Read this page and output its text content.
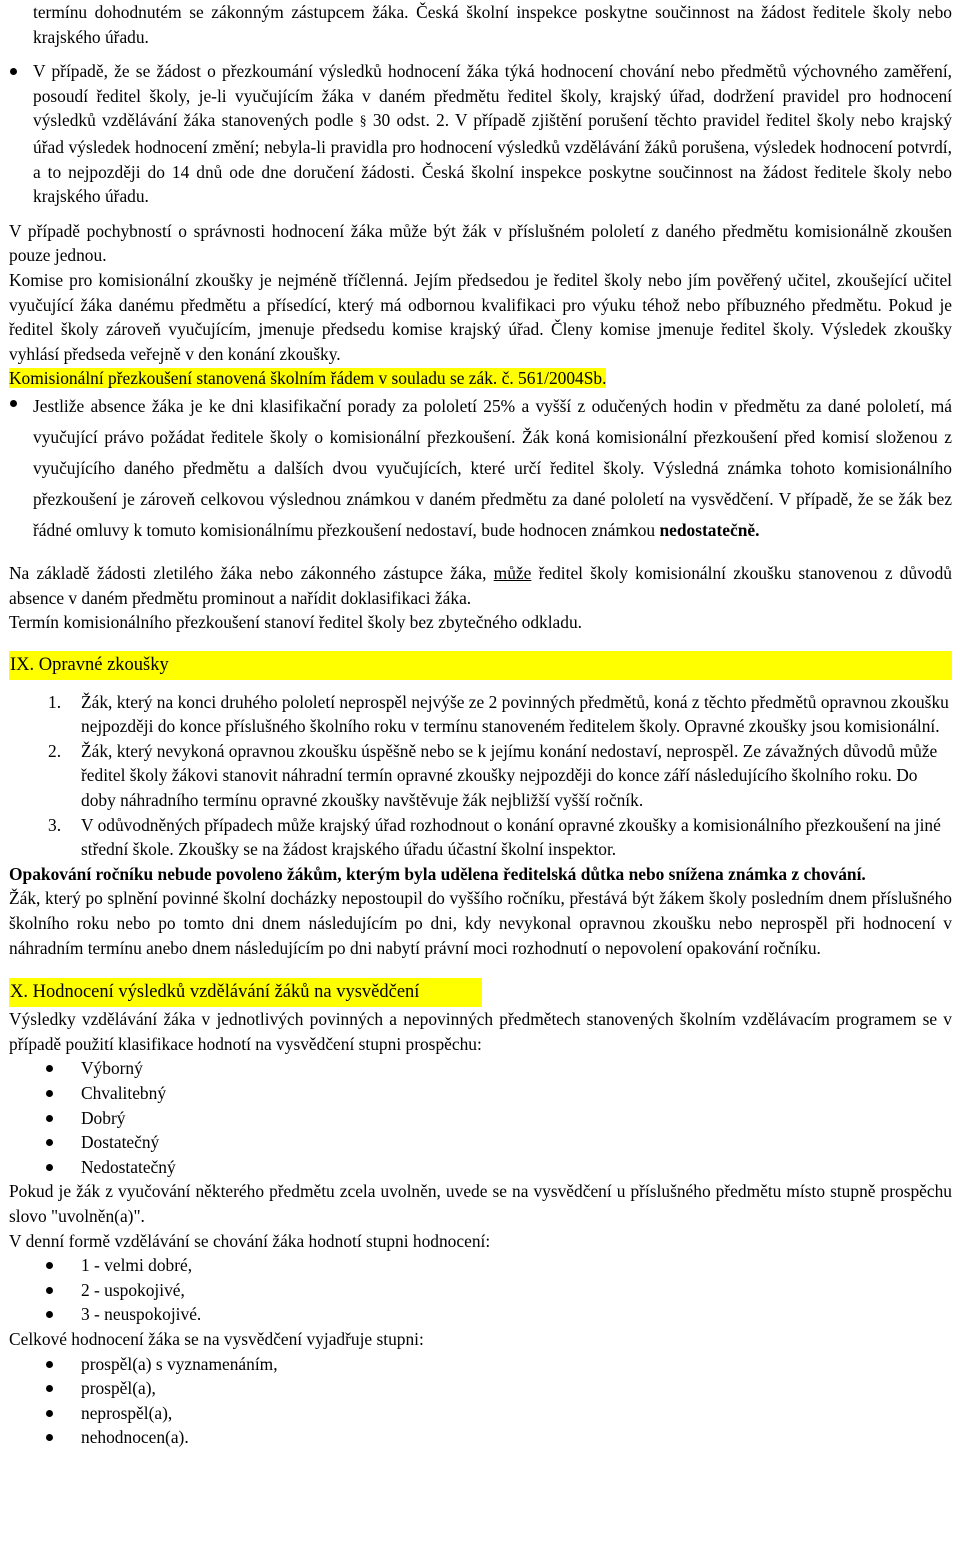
termínu dohodnutém se zákonným zástupcem žáka. Česká školní inspekce poskytne součinnost na žádost ředitele školy nebo krajského úřadu.

V případě, že se žádost o přezkoumání výsledků hodnocení žáka týká hodnocení chování nebo předmětů výchovného zaměření, posoudí ředitel školy, je-li vyučujícím žáka v daném předmětu ředitel školy, krajský úřad, dodržení pravidel pro hodnocení výsledků vzdělávání žáka stanovených podle § 30 odst. 2. V případě zjištění porušení těchto pravidel ředitel školy nebo krajský úřad výsledek hodnocení změní; nebyla-li pravidla pro hodnocení výsledků vzdělávání žáků porušena, výsledek hodnocení potvrdí, a to nejpozději do 14 dnů ode dne doručení žádosti. Česká školní inspekce poskytne součinnost na žádost ředitele školy nebo krajského úřadu.

V případě pochybností o správnosti hodnocení žáka může být žák v příslušném pololetí z daného předmětu komisionálně zkoušen pouze jednou.

Komise pro komisionální zkoušky je nejméně tříčlenná. Jejím předsedou je ředitel školy nebo jím pověřený učitel, zkoušející učitel vyučující žáka danému předmětu a přísedící, který má odbornou kvalifikaci pro výuku téhož nebo příbuzného předmětu. Pokud je ředitel školy zároveň vyučujícím, jmenuje předsedu komise krajský úřad. Členy komise jmenuje ředitel školy. Výsledek zkoušky vyhlásí předseda veřejně v den konání zkoušky.

Komisionální přezkoušení stanovená školním řádem v souladu se zák. č. 561/2004Sb.

Jestliže absence žáka je ke dni klasifikační porady za pololetí 25% a vyšší z odučených hodin v předmětu za dané pololetí, má vyučující právo požádat ředitele školy o komisionální přezkoušení. Žák koná komisionální přezkoušení před komisí složenou z vyučujícího daného předmětu a dalších dvou vyučujících, které určí ředitel školy. Výsledná známka tohoto komisionálního přezkoušení je zároveň celkovou výslednou známkou v daném předmětu za dané pololetí na vysvědčení. V případě, že se žák bez řádné omluvy k tomuto komisionálnímu přezkoušení nedostaví, bude hodnocen známkou nedostatečně.

Na základě žádosti zletilého žáka nebo zákonného zástupce žáka, může ředitel školy komisionální zkoušku stanovenou z důvodů absence v daném předmětu prominout a nařídit doklasifikaci žáka.

Termín komisionálního přezkoušení stanoví ředitel školy bez zbytečného odkladu.

IX. Opravné zkoušky
1. Žák, který na konci druhého pololetí neprospěl nejvýše ze 2 povinných předmětů, koná z těchto předmětů opravnou zkoušku nejpozději do konce příslušného školního roku v termínu stanoveném ředitelem školy. Opravné zkoušky jsou komisionální.
2. Žák, který nevykoná opravnou zkoušku úspěšně nebo se k jejímu konání nedostaví, neprospěl. Ze závažných důvodů může ředitel školy žákovi stanovit náhradní termín opravné zkoušky nejpozději do konce září následujícího školního roku. Do doby náhradního termínu opravné zkoušky navštěvuje žák nejbližší vyšší ročník.
3. V odůvodněných případech může krajský úřad rozhodnout o konání opravné zkoušky a komisionálního přezkoušení na jiné střední škole. Zkoušky se na žádost krajského úřadu účastní školní inspektor.

Opakování ročníku nebude povoleno žákům, kterým byla udělena ředitelská důtka nebo snížena známka z chování.

Žák, který po splnění povinné školní docházky nepostoupil do vyššího ročníku, přestává být žákem školy posledním dnem příslušného školního roku nebo po tomto dni dnem následujícím po dni, kdy nevykonal opravnou zkoušku nebo neprospěl při hodnocení v náhradním termínu anebo dnem následujícím po dni nabytí právní moci rozhodnutí o nepovolení opakování ročníku.

X. Hodnocení výsledků vzdělávání žáků na vysvědčení

Výsledky vzdělávání žáka v jednotlivých povinných a nepovinných předmětech stanovených školním vzdělávacím programem se v případě použití klasifikace hodnotí na vysvědčení stupni prospěchu:

Výborný
Chvalitebný
Dobrý
Dostatečný
Nedostatečný

Pokud je žák z vyučování některého předmětu zcela uvolněn, uvede se na vysvědčení u příslušného předmětu místo stupně prospěchu slovo "uvolněn(a)".

V denní formě vzdělávání se chování žáka hodnotí stupni hodnocení:

1 - velmi dobré,
2 - uspokojivé,
3 - neuspokojivé.

Celkové hodnocení žáka se na vysvědčení vyjadřuje stupni:

prospěl(a) s vyznamenáním,
prospěl(a),
neprospěl(a),
nehodnocen(a).
